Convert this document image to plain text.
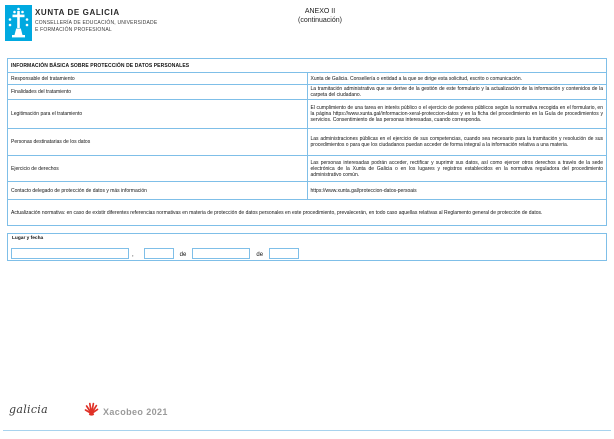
XUNTA DE GALICIA
CONSELLERÍA DE EDUCACIÓN, UNIVERSIDADE
E FORMACIÓN PROFESIONAL
ANEXO II
(continuación)
INFORMACIÓN BÁSICA SOBRE PROTECCIÓN DE DATOS PERSONALES	
Responsable del tratamiento	Xunta de Galicia. Consellería o entidad a la que se dirige esta solicitud, escrito o comunicación.
Finalidades del tratamiento	La tramitación administrativa que se derive de la gestión de este formulario y la actualización de la información y contenidos de la carpeta del ciudadano.
Legitimación para el tratamiento	El cumplimiento de una tarea en interés público o el ejercicio de poderes públicos según la normativa recogida en el formulario, en la página https://www.xunta.gal/informacion-xeral-proteccion-datos y en la ficha del procedimiento en la Guía de procedimientos y servicios. Consentimiento de las personas interesadas, cuando corresponda.
Personas destinatarias de los datos	Las administraciones públicas en el ejercicio de sus competencias, cuando sea necesario para la tramitación y resolución de sus procedimientos o para que los ciudadanos puedan acceder de forma integral a la información relativa a una materia.
Ejercicio de derechos	Las personas interesadas podrán acceder, rectificar y suprimir sus datos, así como ejercer otros derechos a través de la sede electrónica de la Xunta de Galicia o en los lugares y registros establecidos en la normativa reguladora del procedimiento administrativo común.
Contacto delegado de protección de datos y más información	https://www.xunta.gal/proteccion-datos-persoais
Actualización normativa: en caso de existir diferentes referencias normativas en materia de protección de datos personales en este procedimiento, prevalecerán, en todo caso aquellas relativas al Reglamento general de protección de datos.	
Lugar y fecha
,	de	de
galicia	Xacobeo 2021
